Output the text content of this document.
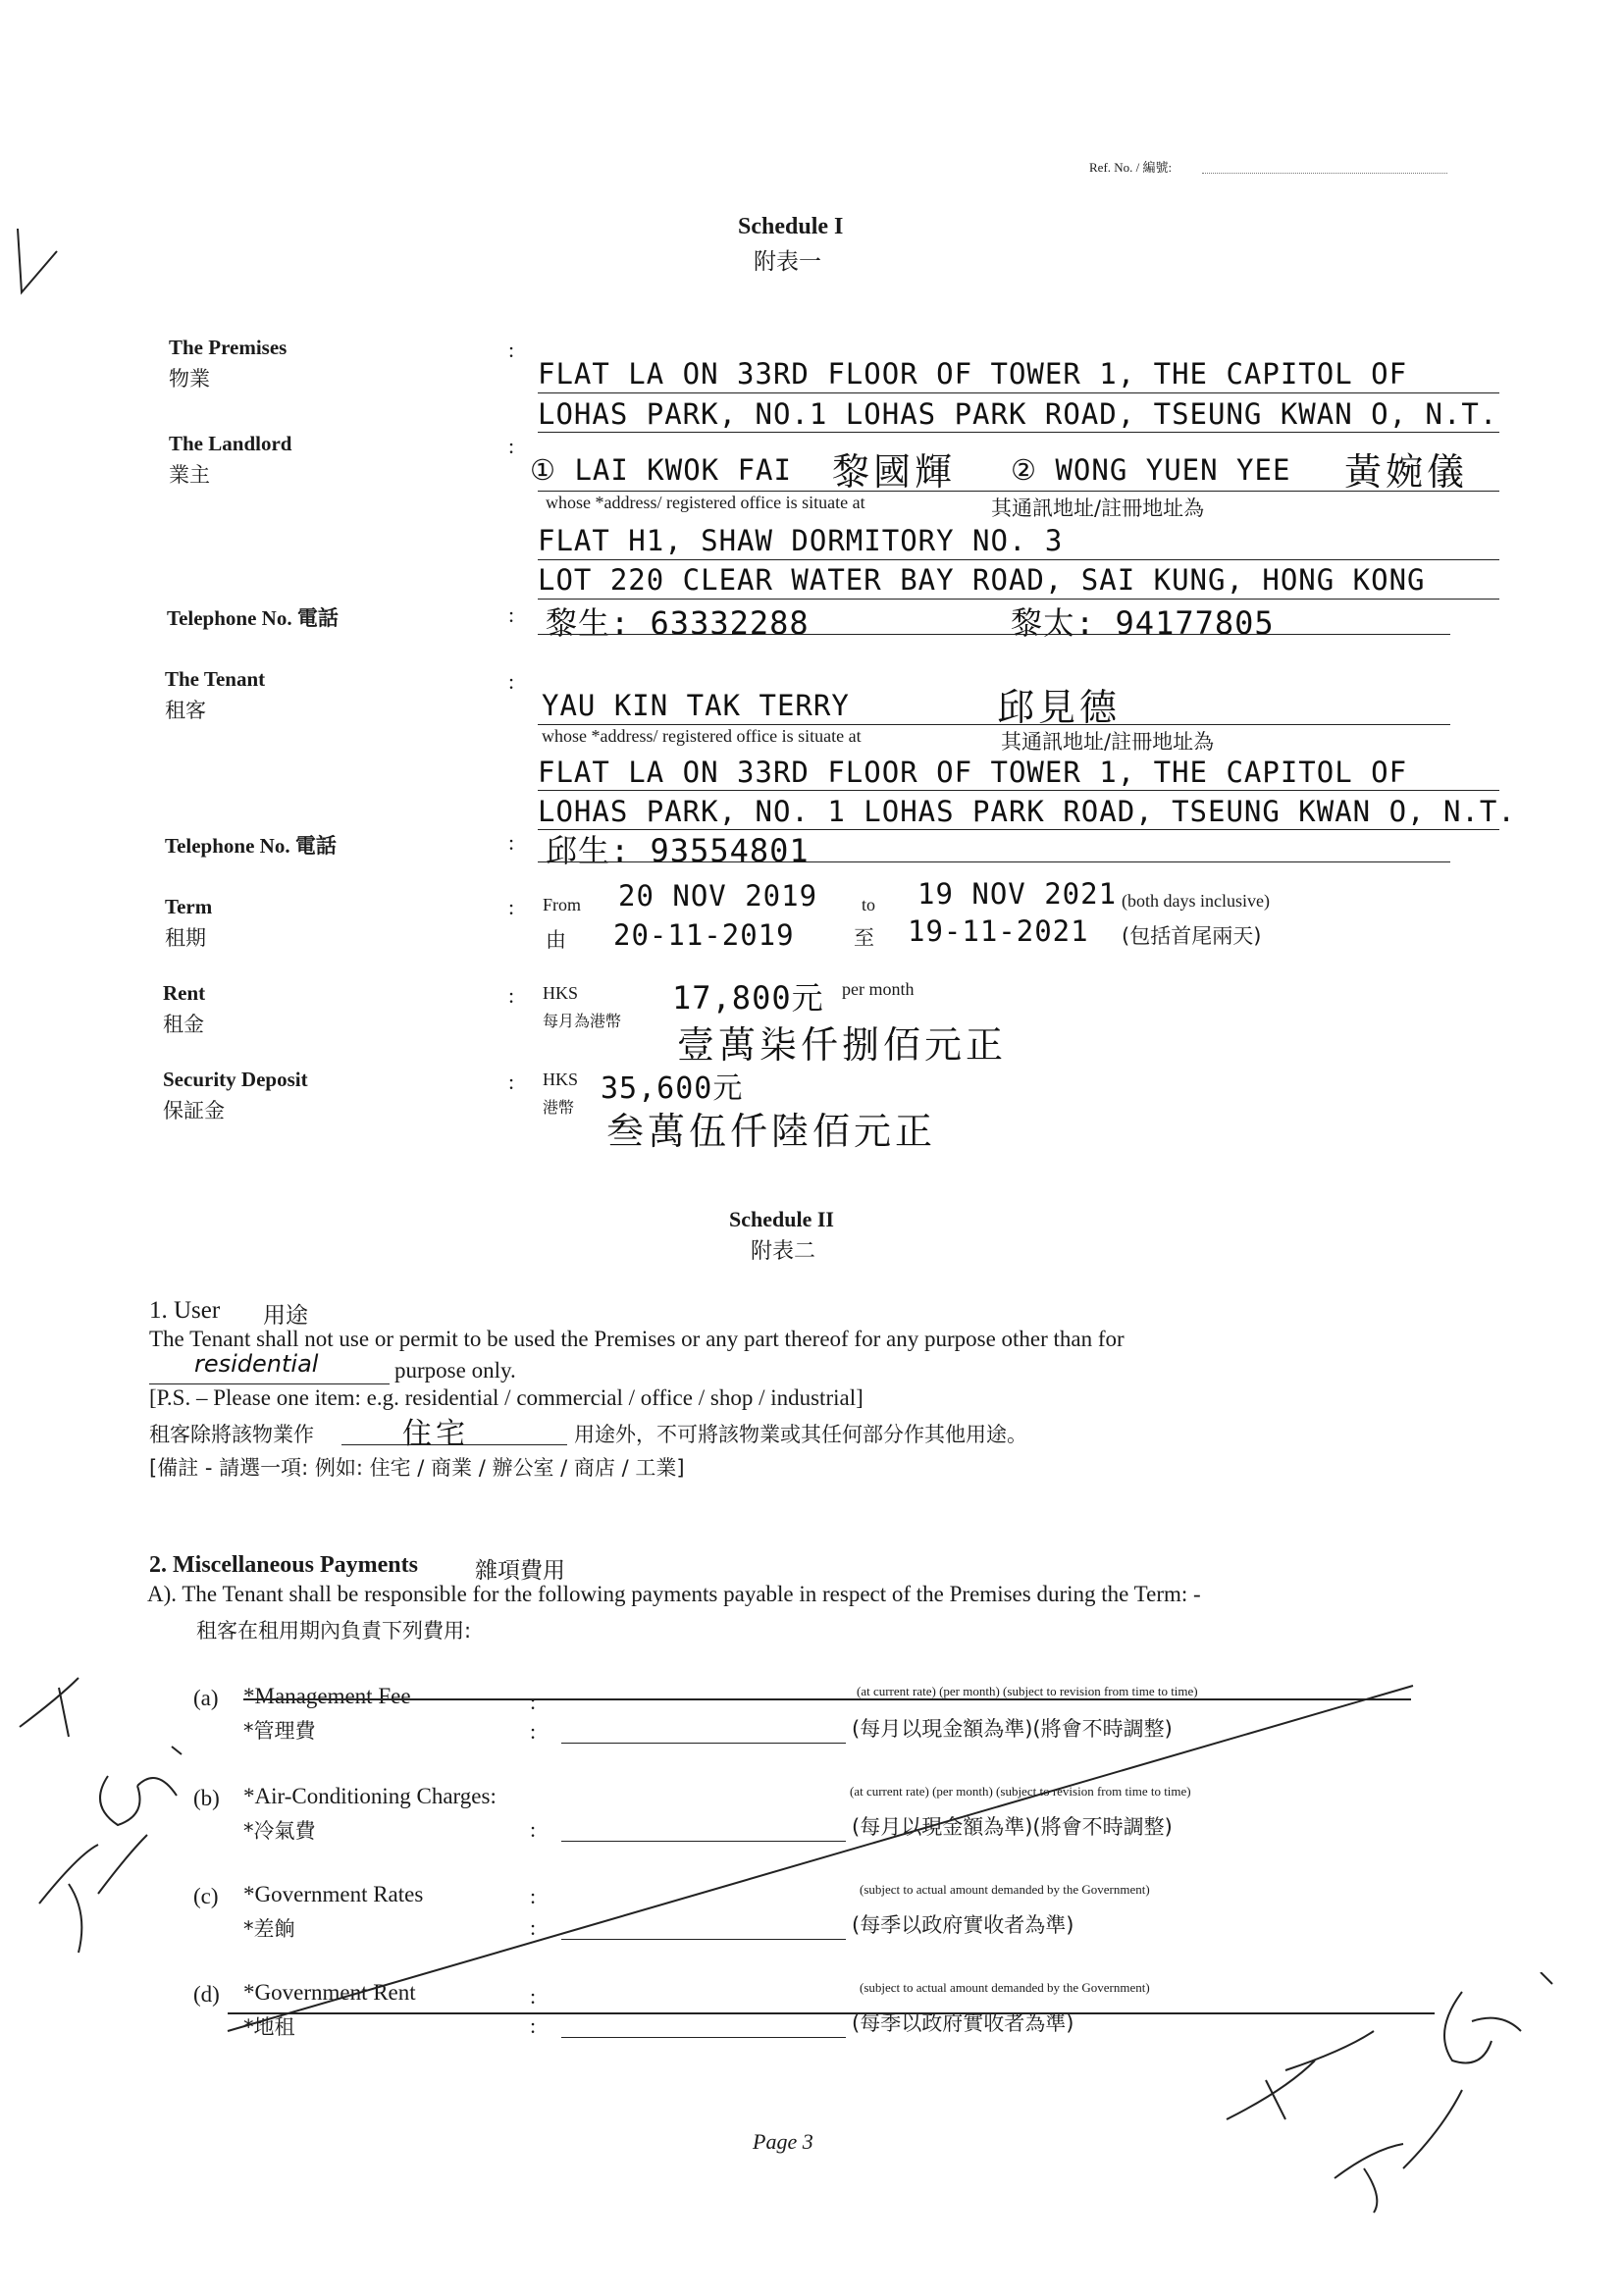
Ref. No. / 編號:
Schedule I
附表一
The Premises
物業
:
FLAT LA ON 33RD FLOOR OF TOWER 1, THE CAPITOL OF
LOHAS PARK, NO.1 LOHAS PARK ROAD, TSEUNG KWAN O, N.T.
The Landlord
業主
:
① LAI KWOK FAI 黎國輝 ② WONG YUEN YEE 黃婉儀
whose *address/ registered office is situate at	其通訊地址/註冊地址為
FLAT H1, SHAW DORMITORY NO. 3
LOT 220 CLEAR WATER BAY ROAD, SAI KUNG, HONG KONG
Telephone No. 電話	: 黎生: 63332288	黎太: 94177805
The Tenant
租客
:
YAU KIN TAK TERRY	邱見德
whose *address/ registered office is situate at	其通訊地址/註冊地址為
FLAT LA ON 33RD FLOOR OF TOWER 1, THE CAPITOL OF
LOHAS PARK, NO. 1 LOHAS PARK ROAD, TSEUNG KWAN O, N.T.
Telephone No. 電話	: 邱生: 93554801
Term
租期
: From 20 NOV 2019 to 19 NOV 2021 (both days inclusive)
由 20-11-2019	至 19-11-2021 (包括首尾兩天)
Rent
租金
: HKS	17,800元 per month
每月為港幣
壹萬柒仟捌佰元正
Security Deposit
保証金
: HKS 35,600元
港幣
叁萬伍仟陸佰元正
Schedule II
附表二
1. User 用途
The Tenant shall not use or permit to be used the Premises or any part thereof for any purpose other than for
residential	purpose only.
[P.S. – Please one item: e.g. residential / commercial / office / shop / industrial]
租客除將該物業作	住宅	用途外，不可將該物業或其任何部分作其他用途。
[備註 - 請選一項: 例如: 住宅 / 商業 / 辦公室 / 商店 / 工業]
2. Miscellaneous Payments	雜項費用
A). The Tenant shall be responsible for the following payments payable in respect of the Premises during the Term: -
租客在租用期內負責下列費用:
(a) *Management Fee
*管理費
:
:
(at current rate) (per month) (subject to revision from time to time)
(每月以現金額為準)(將會不時調整)
(b) *Air-Conditioning Charges:
*冷氣費	:
(at current rate) (per month) (subject to revision from time to time)
(每月以現金額為準)(將會不時調整)
(c) *Government Rates
*差餉
:
:
(subject to actual amount demanded by the Government)
(每季以政府實收者為準)
(d) *Government Rent
*地租
:
:
(subject to actual amount demanded by the Government)
(每季以政府實收者為準)
Page 3
